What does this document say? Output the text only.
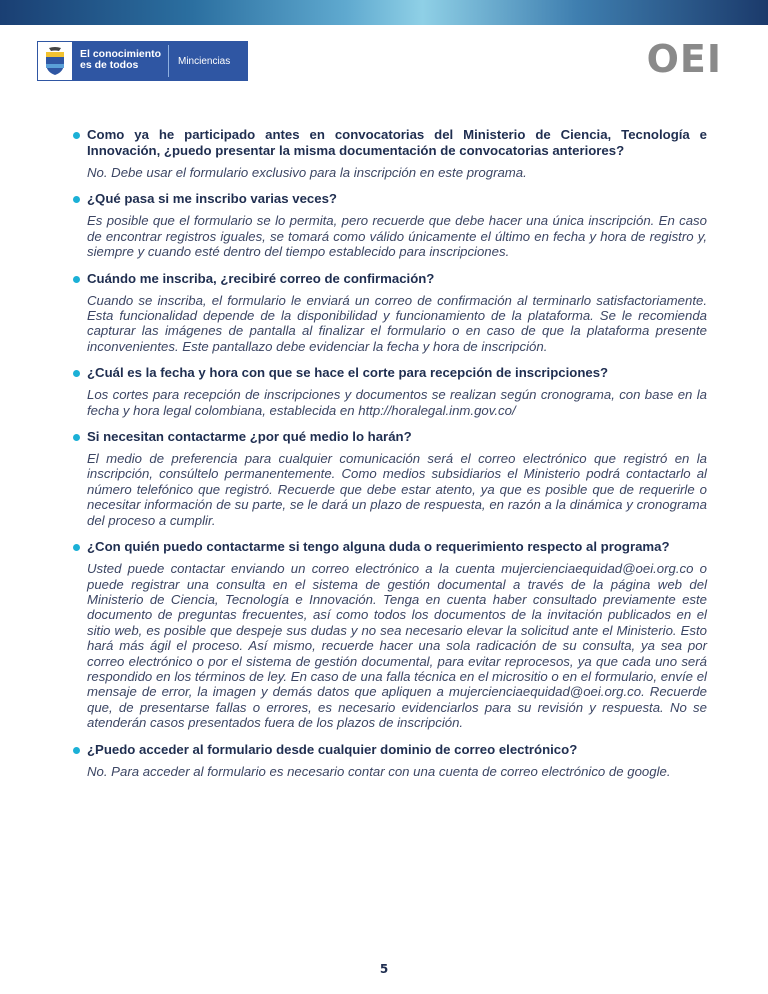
El conocimiento
es de todos	Minciencias	OEI
Como ya he participado antes en convocatorias del Ministerio de Ciencia, Tecnología e Innovación, ¿puedo presentar la misma documentación de convocatorias anteriores?
No. Debe usar el formulario exclusivo para la inscripción en este programa.
¿Qué pasa si me inscribo varias veces?
Es posible que el formulario se lo permita, pero recuerde que debe hacer una única inscripción. En caso de encontrar registros iguales, se tomará como válido únicamente el último en fecha y hora de registro y, siempre y cuando esté dentro del tiempo establecido para inscripciones.
Cuándo me inscriba, ¿recibiré correo de confirmación?
Cuando se inscriba, el formulario le enviará un correo de confirmación al terminarlo satisfactoriamente. Esta funcionalidad depende de la disponibilidad y funcionamiento de la plataforma. Se le recomienda capturar las imágenes de pantalla al finalizar el formulario o en caso de que la plataforma presente inconvenientes. Este pantallazo debe evidenciar la fecha y hora de inscripción.
¿Cuál es la fecha y hora con que se hace el corte para recepción de inscripciones?
Los cortes para recepción de inscripciones y documentos se realizan según cronograma, con base en la fecha y hora legal colombiana, establecida en http://horalegal.inm.gov.co/
Si necesitan contactarme ¿por qué medio lo harán?
El medio de preferencia para cualquier comunicación será el correo electrónico que registró en la inscripción, consúltelo permanentemente. Como medios subsidiarios el Ministerio podrá contactarlo al número telefónico que registró. Recuerde que debe estar atento, ya que es posible que de requerirle o necesitar información de su parte, se le dará un plazo de respuesta, en razón a la dinámica y cronograma del proceso a cumplir.
¿Con quién puedo contactarme si tengo alguna duda o requerimiento respecto al programa?
Usted puede contactar enviando un correo electrónico a la cuenta mujercienciaequidad@oei.org.co o puede registrar una consulta en el sistema de gestión documental a través de la página web del Ministerio de Ciencia, Tecnología e Innovación. Tenga en cuenta haber consultado previamente este documento de preguntas frecuentes, así como todos los documentos de la invitación publicados en el sitio web, es posible que despeje sus dudas y no sea necesario elevar la solicitud ante el Ministerio. Esto hará más ágil el proceso. Así mismo, recuerde hacer una sola radicación de su consulta, ya sea por correo electrónico o por el sistema de gestión documental, para evitar reprocesos, ya que cada uno será respondido en los términos de ley. En caso de una falla técnica en el micrositio o en el formulario, envíe el mensaje de error, la imagen y demás datos que apliquen a mujercienciaequidad@oei.org.co. Recuerde que, de presentarse fallas o errores, es necesario evidenciarlos para su revisión y respuesta. No se atenderán casos presentados fuera de los plazos de inscripción.
¿Puedo acceder al formulario desde cualquier dominio de correo electrónico?
No. Para acceder al formulario es necesario contar con una cuenta de correo electrónico de google.
5
